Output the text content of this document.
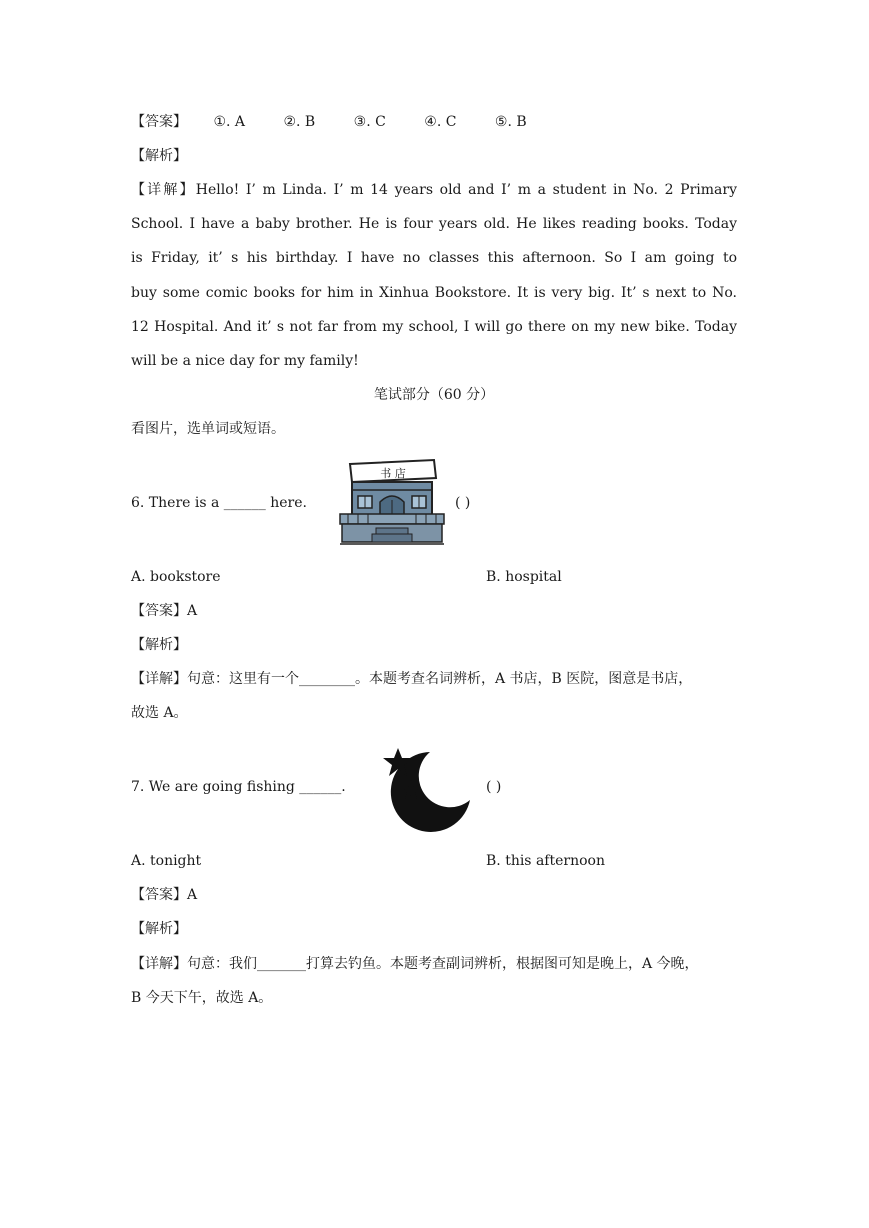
【答案】 ①. A	②. B	③. C	④. C	⑤. B
【解析】
【详解】Hello! I’ m Linda. I’ m 14 years old and I’ m a student in No. 2 Primary
School. I have a baby brother. He is four years old. He likes reading books. Today
is Friday, it’ s his birthday. I have no classes this afternoon. So I am going to
buy some comic books for him in Xinhua Bookstore. It is very big. It’ s next to No.
12 Hospital. And it’ s not far from my school, I will go there on my new bike. Today
will be a nice day for my family!
笔试部分（60 分）
看图片，选单词或短语。
6. There is a ______ here.
书 店
( )
A. bookstore	B. hospital
【答案】A
【解析】
【详解】句意：这里有一个________。本题考查名词辨析，A 书店，B 医院，图意是书店，
故选 A。
7. We are going fishing ______.	( )
A. tonight	B. this afternoon
【答案】A
【解析】
【详解】句意：我们_______打算去钓鱼。本题考查副词辨析，根据图可知是晚上，A 今晚，
B 今天下午，故选 A。
